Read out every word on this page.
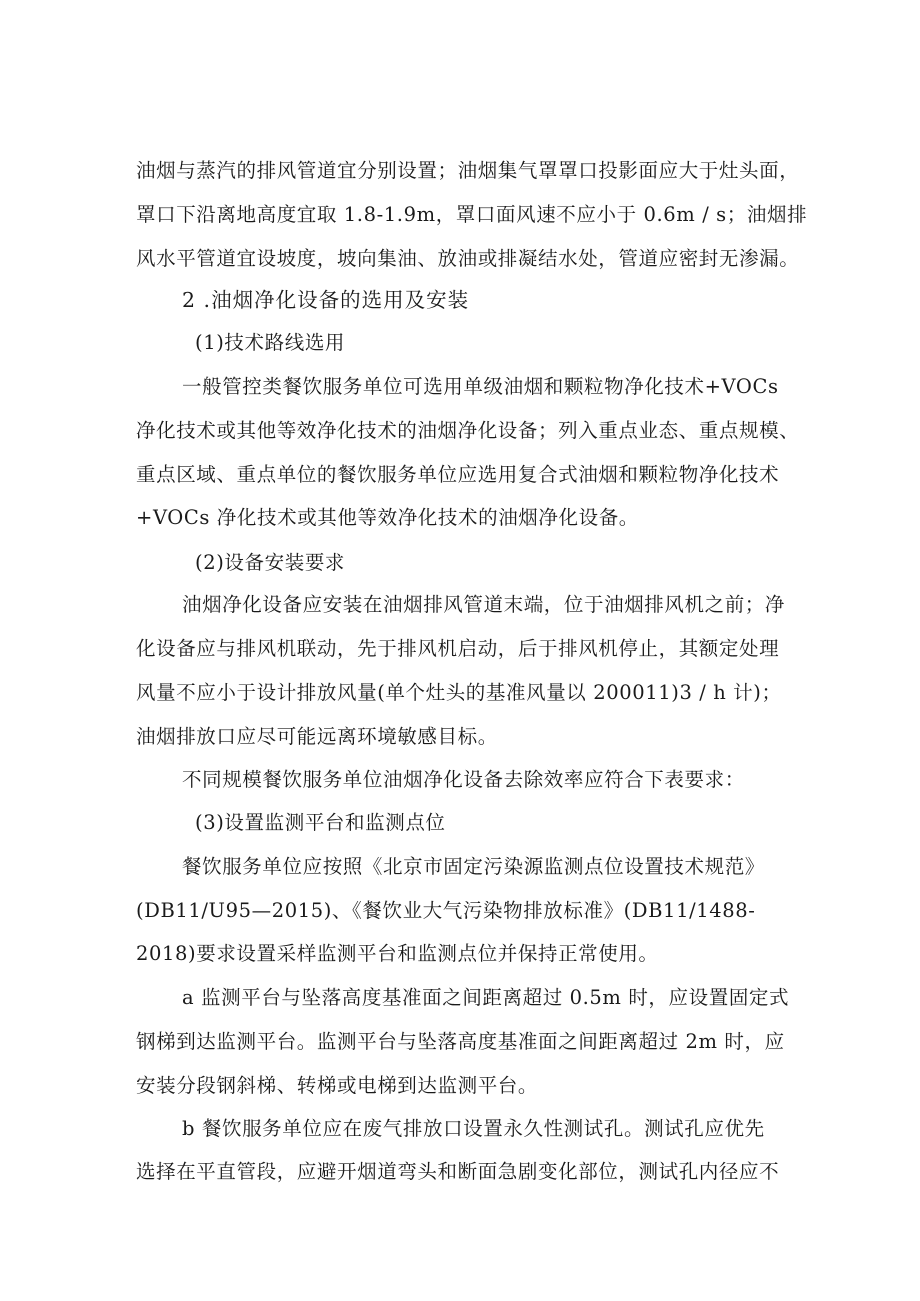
油烟与蒸汽的排风管道宜分别设置；油烟集气罩罩口投影面应大于灶头面，
罩口下沿离地高度宜取 1.8-1.9m，罩口面风速不应小于 0.6m / s；油烟排
风水平管道宜设坡度，坡向集油、放油或排凝结水处，管道应密封无渗漏。
2 .油烟净化设备的选用及安装
(1)技术路线选用
一般管控类餐饮服务单位可选用单级油烟和颗粒物净化技术+VOCs
净化技术或其他等效净化技术的油烟净化设备；列入重点业态、重点规模、
重点区域、重点单位的餐饮服务单位应选用复合式油烟和颗粒物净化技术
+VOCs 净化技术或其他等效净化技术的油烟净化设备。
(2)设备安装要求
油烟净化设备应安装在油烟排风管道末端，位于油烟排风机之前；净
化设备应与排风机联动，先于排风机启动，后于排风机停止，其额定处理
风量不应小于设计排放风量(单个灶头的基准风量以 200011)3 / h 计)；
油烟排放口应尽可能远离环境敏感目标。
不同规模餐饮服务单位油烟净化设备去除效率应符合下表要求：
(3)设置监测平台和监测点位
餐饮服务单位应按照《北京市固定污染源监测点位设置技术规范》
(DB11/U95—2015)、《餐饮业大气污染物排放标准》(DB11/1488-
2018)要求设置采样监测平台和监测点位并保持正常使用。
a 监测平台与坠落高度基准面之间距离超过 0.5m 时，应设置固定式
钢梯到达监测平台。监测平台与坠落高度基准面之间距离超过 2m 时，应
安装分段钢斜梯、转梯或电梯到达监测平台。
b 餐饮服务单位应在废气排放口设置永久性测试孔。测试孔应优先
选择在平直管段，应避开烟道弯头和断面急剧变化部位，测试孔内径应不
